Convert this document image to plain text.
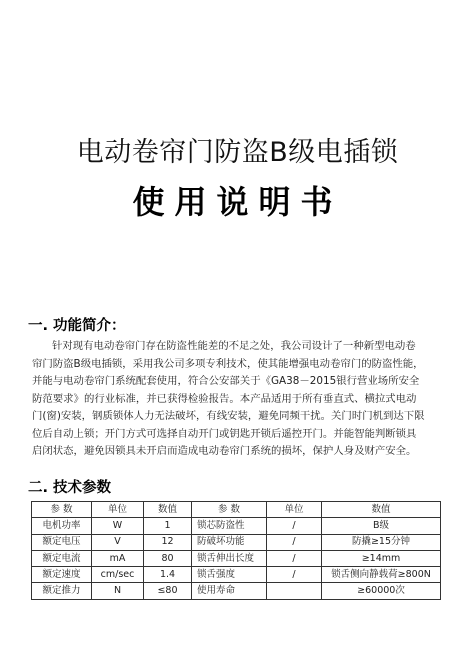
电动卷帘门防盗B级电插锁
使用说明书
一. 功能简介：
针对现有电动卷帘门存在防盗性能差的不足之处，我公司设计了一种新型电动卷
帘门防盗B级电插锁，采用我公司多项专利技术，使其能增强电动卷帘门的防盗性能，
并能与电动卷帘门系统配套使用，符合公安部关于《GA38－2015银行营业场所安全
防范要求》的行业标准，并已获得检验报告。本产品适用于所有垂直式、横拉式电动
门(窗)安装，钢质锁体人力无法破坏，有线安装，避免同频干扰。关门时门机到达下限
位后自动上锁；开门方式可选择自动开门或钥匙开锁后遥控开门。并能智能判断锁具
启闭状态，避免因锁具未开启而造成电动卷帘门系统的损坏，保护人身及财产安全。
二. 技术参数
参 数	单位	数值	参 数	单位	数值
电机功率	W	1	锁芯防盗性	/	B级
额定电压	V	12	防破坏功能	/	防撬≥15分钟
额定电流	mA	80	锁舌伸出长度	/	≥14mm
额定速度	cm/sec	1.4	锁舌强度	/	锁舌侧向静载荷≥800N
额定推力	N	≤80	使用寿命		≥60000次
